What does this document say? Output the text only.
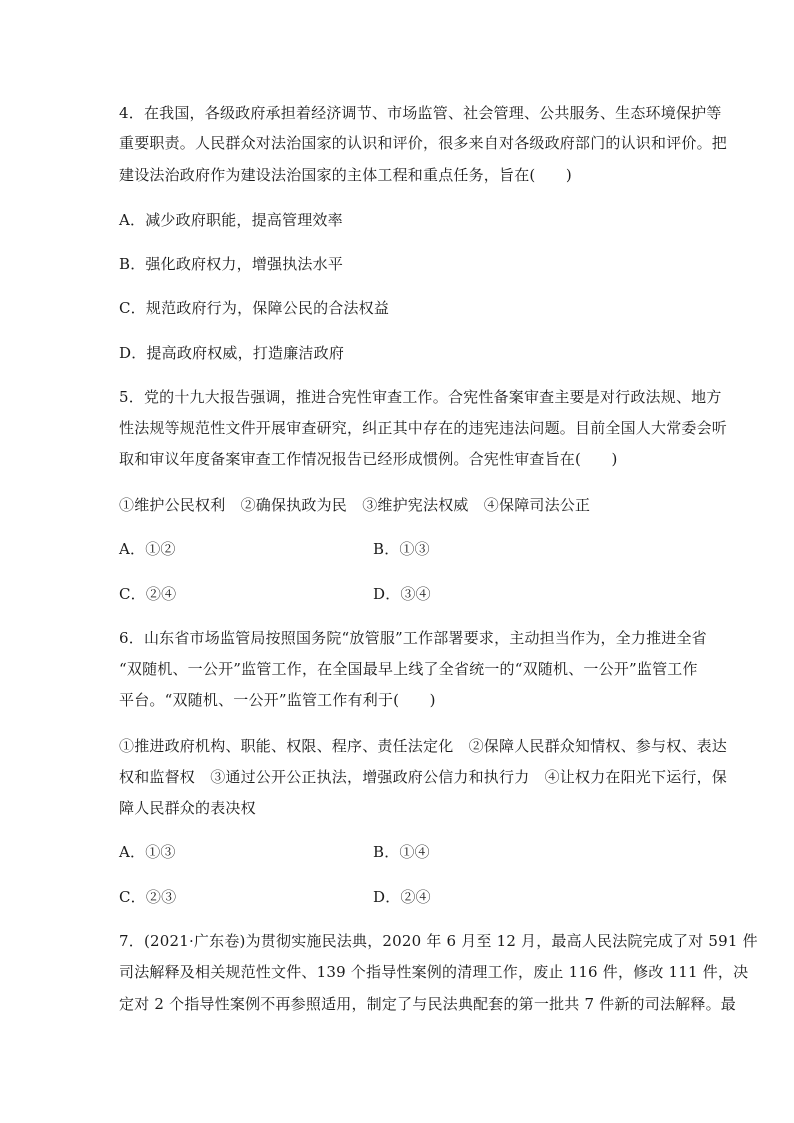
4．在我国，各级政府承担着经济调节、市场监管、社会管理、公共服务、生态环境保护等
重要职责。人民群众对法治国家的认识和评价，很多来自对各级政府部门的认识和评价。把
建设法治政府作为建设法治国家的主体工程和重点任务，旨在(　　)
A．减少政府职能，提高管理效率
B．强化政府权力，增强执法水平
C．规范政府行为，保障公民的合法权益
D．提高政府权威，打造廉洁政府
5．党的十九大报告强调，推进合宪性审查工作。合宪性备案审查主要是对行政法规、地方
性法规等规范性文件开展审查研究，纠正其中存在的违宪违法问题。目前全国人大常委会听
取和审议年度备案审查工作情况报告已经形成惯例。合宪性审查旨在(　　)
①维护公民权利　②确保执政为民　③维护宪法权威　④保障司法公正
A．①②	B．①③
C．②④	D．③④
6．山东省市场监管局按照国务院“放管服”工作部署要求，主动担当作为，全力推进全省
“双随机、一公开”监管工作，在全国最早上线了全省统一的“双随机、一公开”监管工作
平台。“双随机、一公开”监管工作有利于(　　)
①推进政府机构、职能、权限、程序、责任法定化　②保障人民群众知情权、参与权、表达
权和监督权　③通过公开公正执法，增强政府公信力和执行力　④让权力在阳光下运行，保
障人民群众的表决权
A．①③	B．①④
C．②③	D．②④
7．(2021·广东卷)为贯彻实施民法典，2020 年 6 月至 12 月，最高人民法院完成了对 591 件
司法解释及相关规范性文件、139 个指导性案例的清理工作，废止 116 件，修改 111 件，决
定对 2 个指导性案例不再参照适用，制定了与民法典配套的第一批共 7 件新的司法解释。最
